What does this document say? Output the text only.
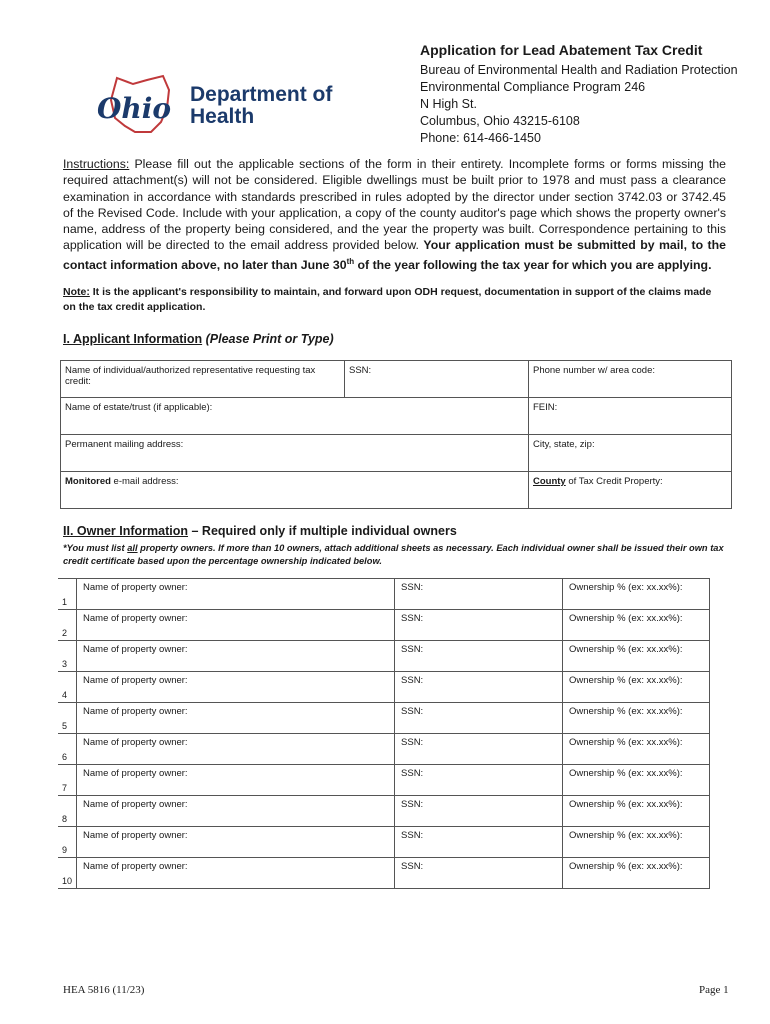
Ohio Department of
Health
Application for Lead Abatement Tax Credit
Bureau of Environmental Health and Radiation Protection
Environmental Compliance Program 246
N High St.
Columbus, Ohio 43215-6108
Phone: 614-466-1450
Instructions: Please fill out the applicable sections of the form in their entirety. Incomplete forms or forms missing the required attachment(s) will not be considered. Eligible dwellings must be built prior to 1978 and must pass a clearance examination in accordance with standards prescribed in rules adopted by the director under section 3742.03 or 3742.45 of the Revised Code. Include with your application, a copy of the county auditor's page which shows the property owner's name, address of the property being considered, and the year the property was built. Correspondence pertaining to this application will be directed to the email address provided below. Your application must be submitted by mail, to the contact information above, no later than June 30th of the year following the tax year for which you are applying.
Note: It is the applicant's responsibility to maintain, and forward upon ODH request, documentation in support of the claims made on the tax credit application.
I. Applicant Information (Please Print or Type)
Name of individual/authorized representative requesting tax credit:	SSN:	Phone number w/ area code:
Name of estate/trust (if applicable):		FEIN:
Permanent mailing address:		City, state, zip:
Monitored e-mail address:		County of Tax Credit Property:
II. Owner Information – Required only if multiple individual owners
*You must list all property owners. If more than 10 owners, attach additional sheets as necessary. Each individual owner shall be issued their own tax credit certificate based upon the percentage ownership indicated below.
1	Name of property owner:	SSN:	Ownership % (ex: xx.xx%):
2	Name of property owner:	SSN:	Ownership % (ex: xx.xx%):
3	Name of property owner:	SSN:	Ownership % (ex: xx.xx%):
4	Name of property owner:	SSN:	Ownership % (ex: xx.xx%):
5	Name of property owner:	SSN:	Ownership % (ex: xx.xx%):
6	Name of property owner:	SSN:	Ownership % (ex: xx.xx%):
7	Name of property owner:	SSN:	Ownership % (ex: xx.xx%):
8	Name of property owner:	SSN:	Ownership % (ex: xx.xx%):
9	Name of property owner:	SSN:	Ownership % (ex: xx.xx%):
10	Name of property owner:	SSN:	Ownership % (ex: xx.xx%):
HEA 5816 (11/23)	Page 1
